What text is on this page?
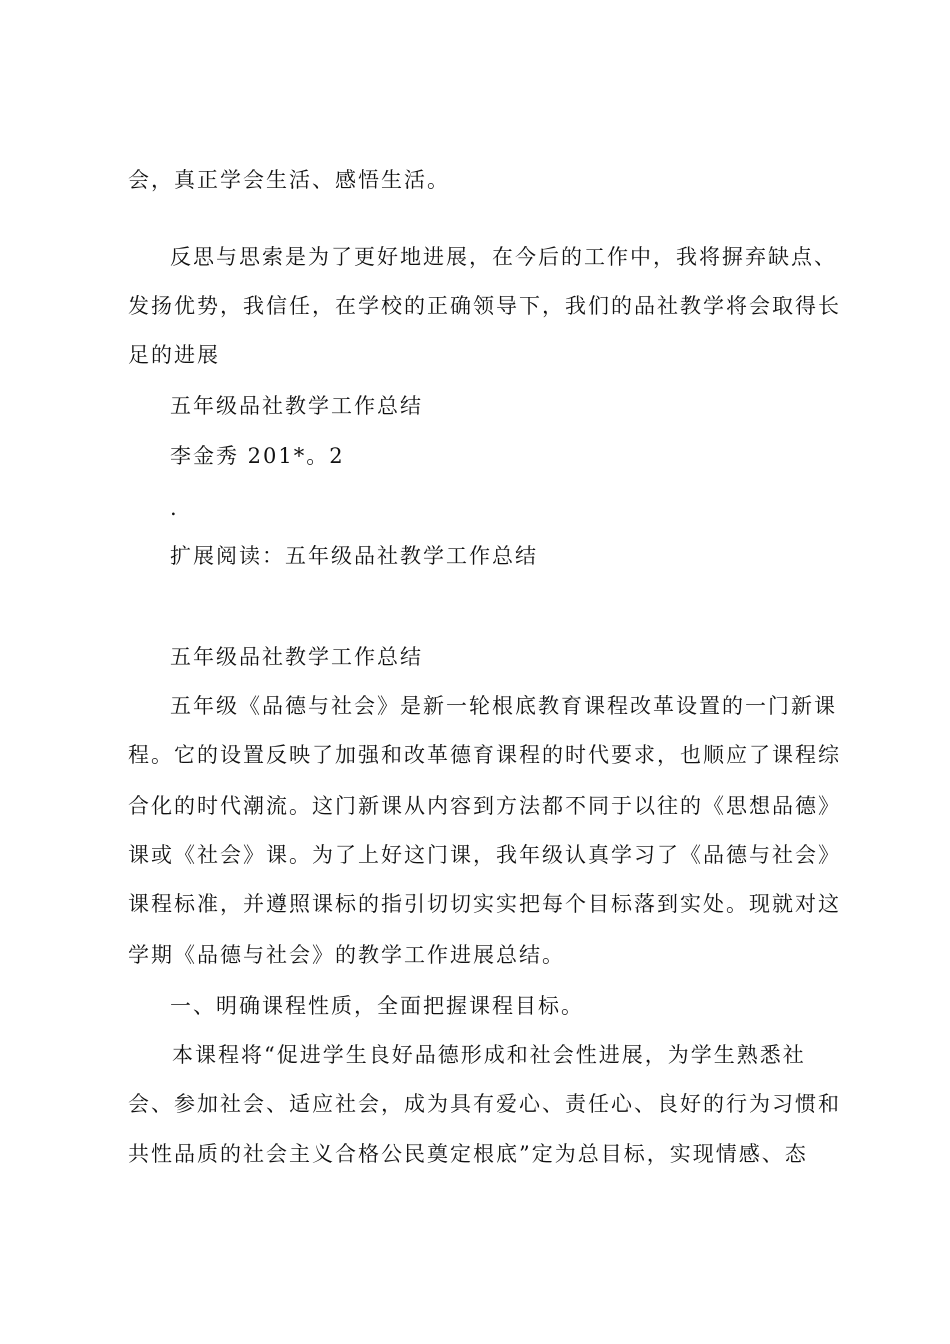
会，真正学会生活、感悟生活。
反思与思索是为了更好地进展，在今后的工作中，我将摒弃缺点、
发扬优势，我信任，在学校的正确领导下，我们的品社教学将会取得长
足的进展
五年级品社教学工作总结
李金秀 201*。2
.
扩展阅读：五年级品社教学工作总结
五年级品社教学工作总结
五年级《品德与社会》是新一轮根底教育课程改革设置的一门新课
程。它的设置反映了加强和改革德育课程的时代要求，也顺应了课程综
合化的时代潮流。这门新课从内容到方法都不同于以往的《思想品德》
课或《社会》课。为了上好这门课，我年级认真学习了《品德与社会》
课程标准，并遵照课标的指引切切实实把每个目标落到实处。现就对这
学期《品德与社会》的教学工作进展总结。
一、明确课程性质，全面把握课程目标。
本课程将“促进学生良好品德形成和社会性进展，为学生熟悉社
会、参加社会、适应社会，成为具有爱心、责任心、良好的行为习惯和
共性品质的社会主义合格公民奠定根底”定为总目标，实现情感、态
